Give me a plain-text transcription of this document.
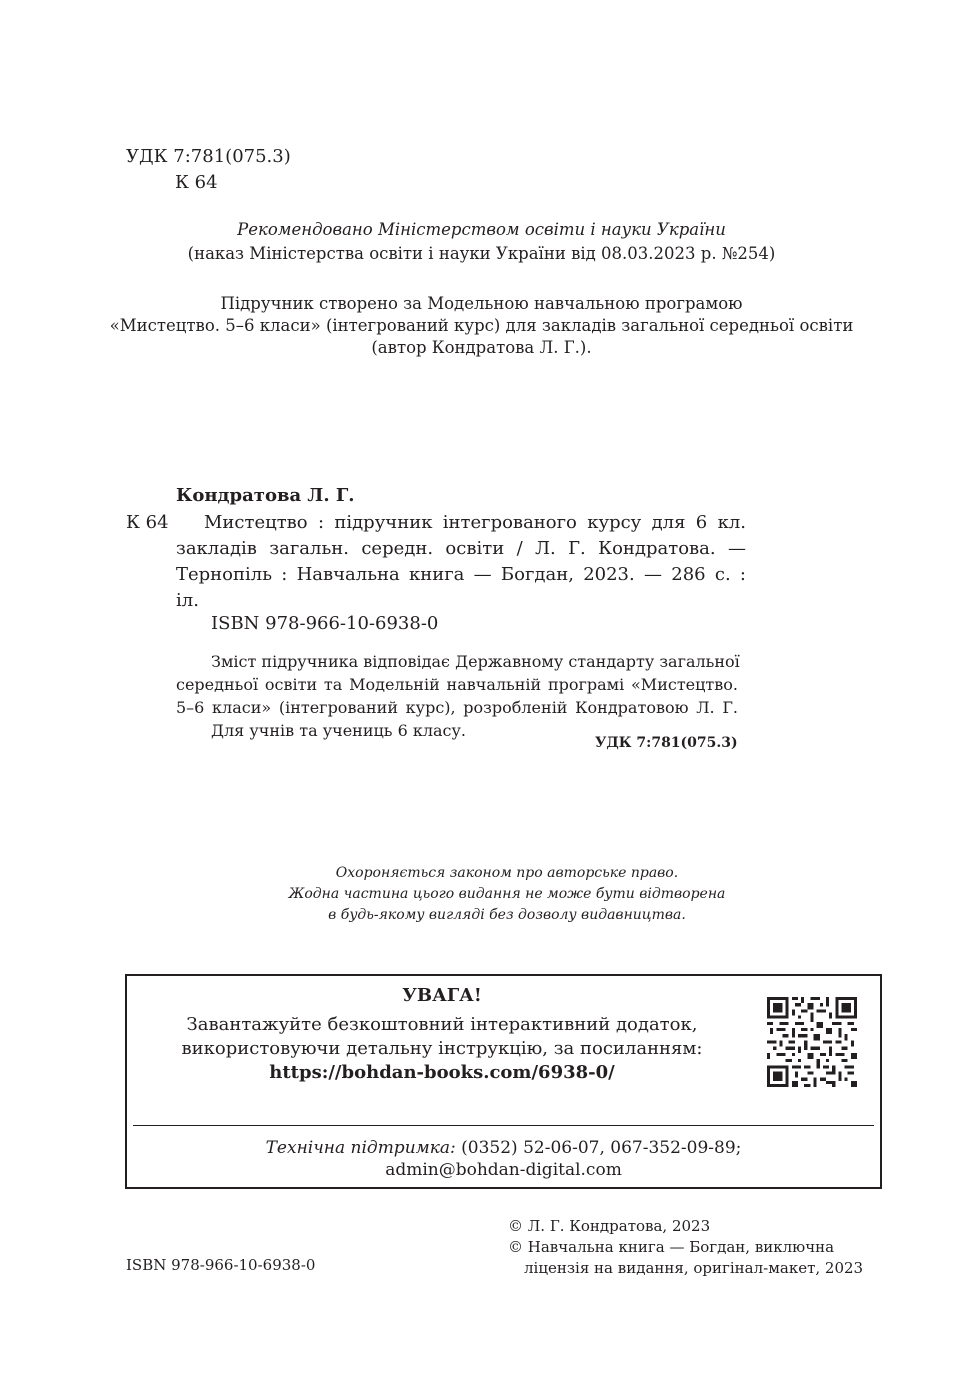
УДК 7:781(075.3)
К 64
Рекомендовано Міністерством освіти і науки України
(наказ Міністерства освіти і науки України від 08.03.2023 р. №254)
Підручник створено за Модельною навчальною програмою
«Мистецтво. 5–6 класи» (інтегрований курс) для закладів загальної середньої освіти
(автор Кондратова Л. Г.).
Кондратова Л. Г.
К 64 Мистецтво : підручник інтегрованого курсу для 6 кл.
закладів загальн. середн. освіти / Л. Г. Кондратова. —
Тернопіль : Навчальна книга — Богдан, 2023. — 286 с. :
іл.
ISBN 978-966-10-6938-0
Зміст підручника відповідає Державному стандарту загальної
середньої освіти та Модельній навчальній програмі «Мистецтво.
5–6 класи» (інтегрований курс), розробленій Кондратовою Л. Г.
Для учнів та учениць 6 класу.
УДК 7:781(075.3)
Охороняється законом про авторське право.
Жодна частина цього видання не може бути відтворена
в будь-якому вигляді без дозволу видавництва.
УВАГА!
Завантажуйте безкоштовний інтерактивний додаток,
використовуючи детальну інструкцію, за посиланням:
https://bohdan-books.com/6938-0/
Технічна підтримка: (0352) 52-06-07, 067-352-09-89;
admin@bohdan-digital.com
ISBN 978-966-10-6938-0
© Л. Г. Кондратова, 2023
© Навчальна книга — Богдан, виключна
ліцензія на видання, оригінал-макет, 2023
